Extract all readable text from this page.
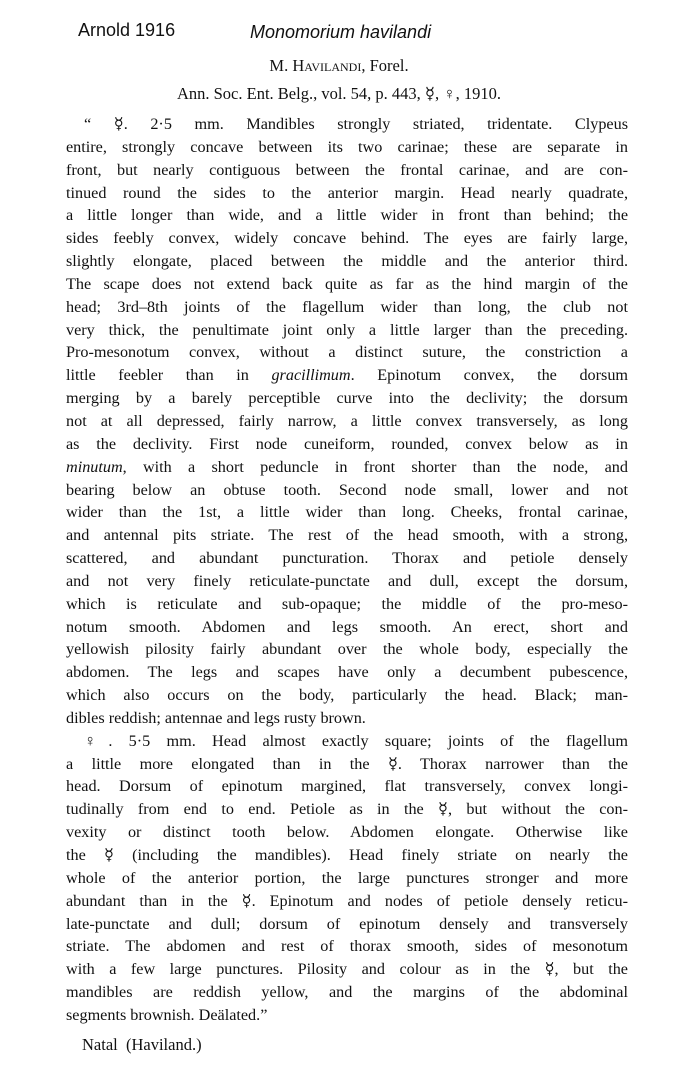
Arnold 1916	Monomorium havilandi
M. Havilandi, Forel.
Ann. Soc. Ent. Belg., vol. 54, p. 443, ☿, ♀, 1910.
“ ☿. 2·5 mm. Mandibles strongly striated, tridentate. Clypeus
entire, strongly concave between its two carinae; these are separate in
front, but nearly contiguous between the frontal carinae, and are con-
tinued round the sides to the anterior margin. Head nearly quadrate,
a little longer than wide, and a little wider in front than behind; the
sides feebly convex, widely concave behind. The eyes are fairly large,
slightly elongate, placed between the middle and the anterior third.
The scape does not extend back quite as far as the hind margin of the
head; 3rd–8th joints of the flagellum wider than long, the club not
very thick, the penultimate joint only a little larger than the preceding.
Pro-mesonotum convex, without a distinct suture, the constriction a
little feebler than in gracillimum. Epinotum convex, the dorsum
merging by a barely perceptible curve into the declivity; the dorsum
not at all depressed, fairly narrow, a little convex transversely, as long
as the declivity. First node cuneiform, rounded, convex below as in
minutum, with a short peduncle in front shorter than the node, and
bearing below an obtuse tooth. Second node small, lower and not
wider than the 1st, a little wider than long. Cheeks, frontal carinae,
and antennal pits striate. The rest of the head smooth, with a strong,
scattered, and abundant puncturation. Thorax and petiole densely
and not very finely reticulate-punctate and dull, except the dorsum,
which is reticulate and sub-opaque; the middle of the pro-meso-
notum smooth. Abdomen and legs smooth. An erect, short and
yellowish pilosity fairly abundant over the whole body, especially the
abdomen. The legs and scapes have only a decumbent pubescence,
which also occurs on the body, particularly the head. Black; man-
dibles reddish; antennae and legs rusty brown.
♀. 5·5 mm. Head almost exactly square; joints of the flagellum
a little more elongated than in the ☿. Thorax narrower than the
head. Dorsum of epinotum margined, flat transversely, convex longi-
tudinally from end to end. Petiole as in the ☿, but without the con-
vexity or distinct tooth below. Abdomen elongate. Otherwise like
the ☿ (including the mandibles). Head finely striate on nearly the
whole of the anterior portion, the large punctures stronger and more
abundant than in the ☿. Epinotum and nodes of petiole densely reticu-
late-punctate and dull; dorsum of epinotum densely and transversely
striate. The abdomen and rest of thorax smooth, sides of mesonotum
with a few large punctures. Pilosity and colour as in the ☿, but the
mandibles are reddish yellow, and the margins of the abdominal
segments brownish. Deälated.”
Natal  (Haviland.)
